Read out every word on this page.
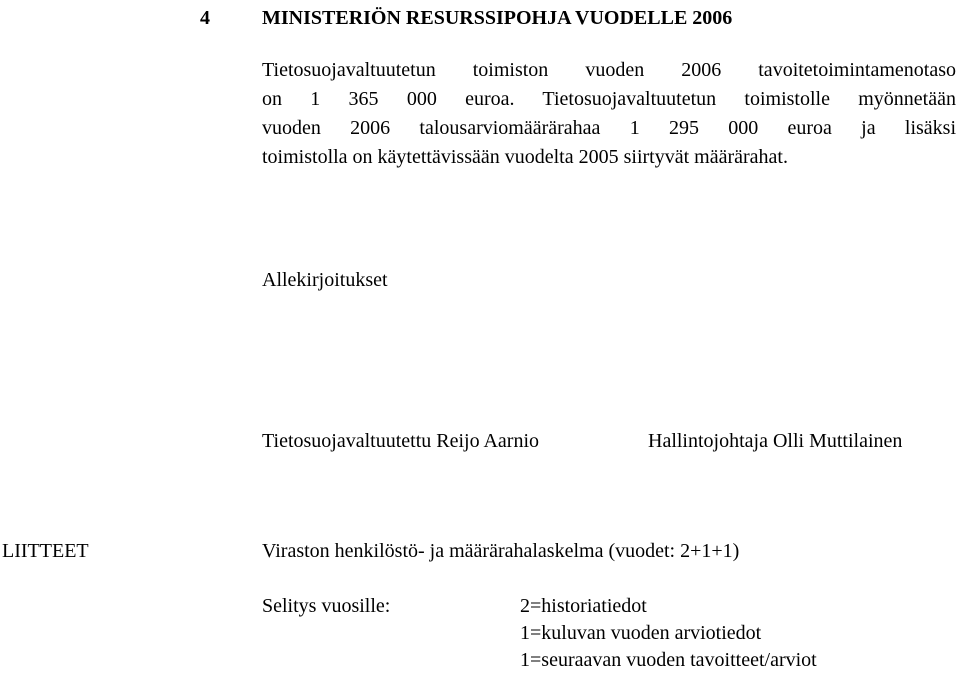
4	MINISTERIÖN RESURSSIPOHJA VUODELLE 2006
Tietosuojavaltuutetun toimiston vuoden 2006 tavoitetoimintamenotaso
on 1 365 000 euroa. Tietosuojavaltuutetun toimistolle myönnetään
vuoden 2006 talousarviomäärärahaa 1 295 000 euroa ja lisäksi
toimistolla on käytettävissään vuodelta 2005 siirtyvät määrärahat.
Allekirjoitukset
Tietosuojavaltuutettu Reijo Aarnio	Hallintojohtaja Olli Muttilainen
LIITTEET	Viraston henkilöstö- ja määrärahalaskelma (vuodet: 2+1+1)
Selitys vuosille:	2=historiatiedot
1=kuluvan vuoden arviotiedot
1=seuraavan vuoden tavoitteet/arviot
